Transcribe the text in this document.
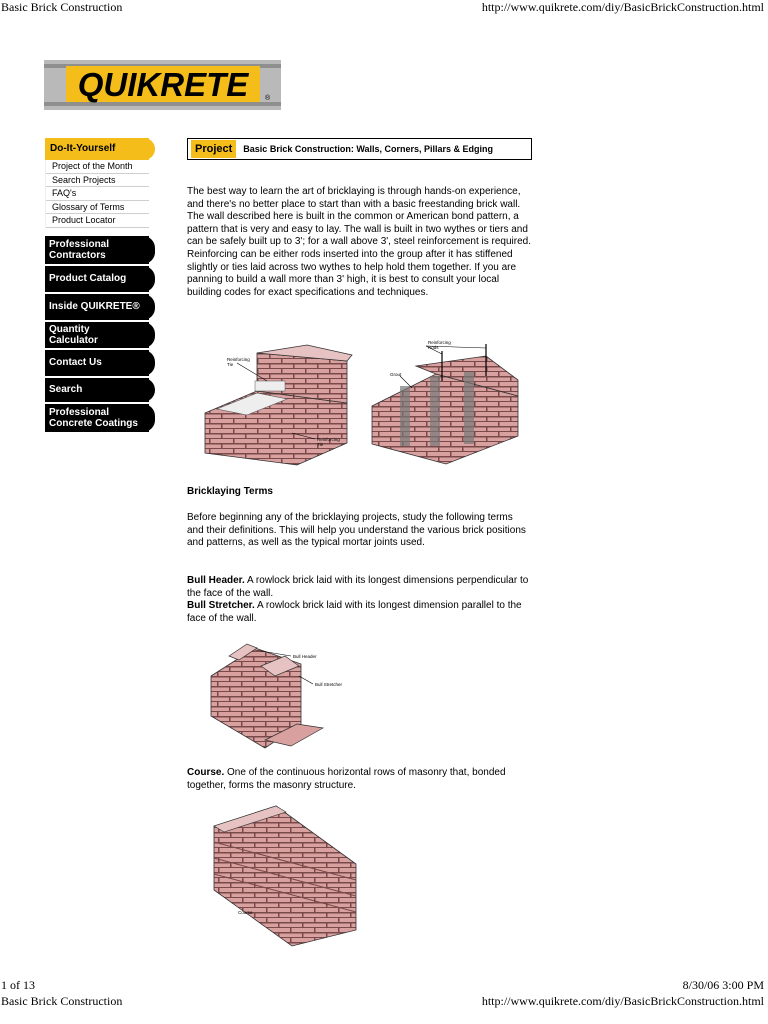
Basic Brick Construction	http://www.quikrete.com/diy/BasicBrickConstruction.html
QUIKRETE ®
Do-It-Yourself
Project of the Month
Search Projects
FAQ's
Glossary of Terms
Product Locator
Professional
Contractors
Product Catalog
Inside QUIKRETE®
Quantity
Calculator
Contact Us
Search
Professional
Concrete Coatings
Project	Basic Brick Construction: Walls, Corners, Pillars & Edging
The best way to learn the art of bricklaying is through hands-on experience, and there's no better place to start than with a basic freestanding brick wall. The wall described here is built in the common or American bond pattern, a pattern that is very and easy to lay. The wall is built in two wythes or tiers and can be safely built up to 3'; for a wall above 3', steel reinforcement is required. Reinforcing can be either rods inserted into the group after it has stiffened slightly or ties laid across two wythes to help hold them together. If you are panning to build a wall more than 3' high, it is best to consult your local building codes for exact specifications and techniques.
Reinforcing
Tie
Reinforcing
Tie
Reinforcing
Rods
Grout
Bricklaying Terms
Before beginning any of the bricklaying projects, study the following terms and their definitions. This will help you understand the various brick positions and patterns, as well as the typical mortar joints used.
Bull Header. A rowlock brick laid with its longest dimensions perpendicular to the face of the wall.
Bull Stretcher. A rowlock brick laid with its longest dimension parallel to the face of the wall.
Bull Header
Bull Stretcher
Course. One of the continuous horizontal rows of masonry that, bonded together, forms the masonry structure.
Course
1 of 13	8/30/06 3:00 PM
Basic Brick Construction	http://www.quikrete.com/diy/BasicBrickConstruction.html
